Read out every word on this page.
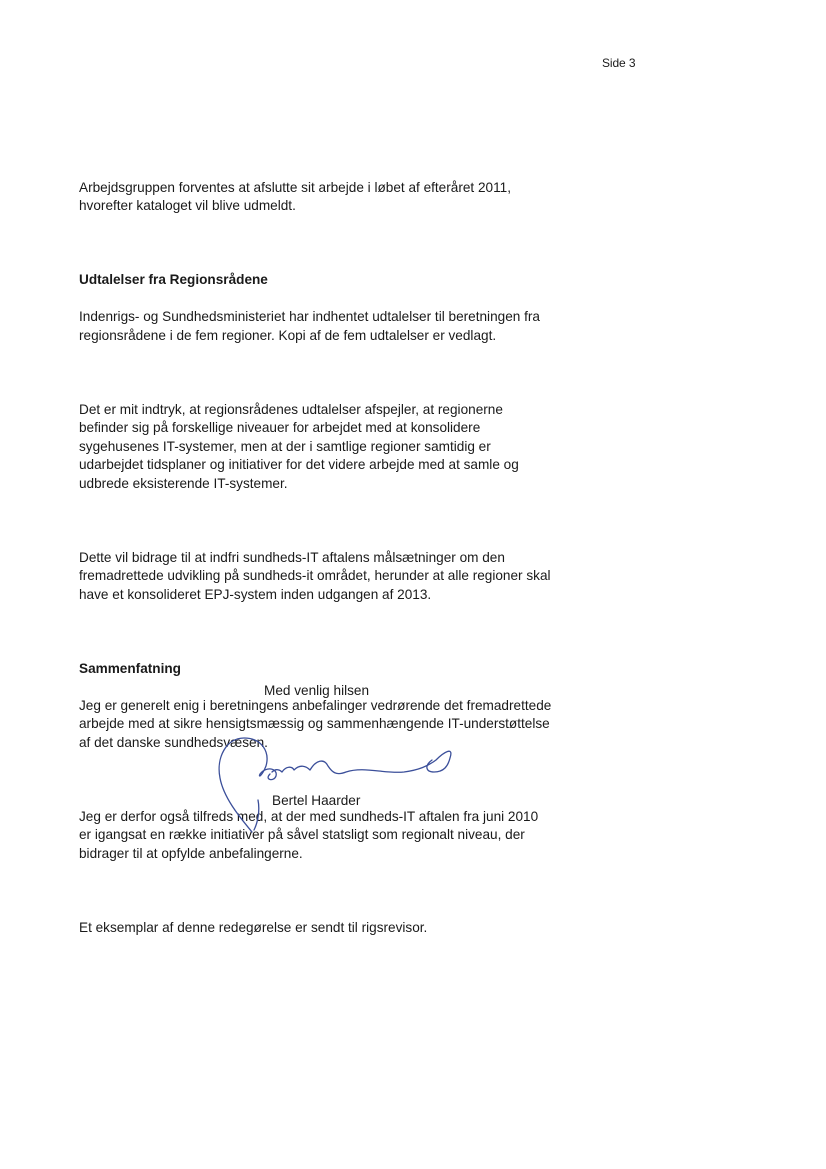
Side 3

Arbejdsgruppen forventes at afslutte sit arbejde i løbet af efteråret 2011,
hvorefter kataloget vil blive udmeldt.

Udtalelser fra Regionsrådene

Indenrigs- og Sundhedsministeriet har indhentet udtalelser til beretningen fra
regionsrådene i de fem regioner. Kopi af de fem udtalelser er vedlagt.

Det er mit indtryk, at regionsrådenes udtalelser afspejler, at regionerne
befinder sig på forskellige niveauer for arbejdet med at konsolidere
sygehusenes IT-systemer, men at der i samtlige regioner samtidig er
udarbejdet tidsplaner og initiativer for det videre arbejde med at samle og
udbrede eksisterende IT-systemer.

Dette vil bidrage til at indfri sundheds-IT aftalens målsætninger om den
fremadrettede udvikling på sundheds-it området, herunder at alle regioner skal
have et konsolideret EPJ-system inden udgangen af 2013.

Sammenfatning

Jeg er generelt enig i beretningens anbefalinger vedrørende det fremadrettede
arbejde med at sikre hensigtsmæssig og sammenhængende IT-understøttelse
af det danske sundhedsvæsen.

Jeg er derfor også tilfreds med, at der med sundheds-IT aftalen fra juni 2010
er igangsat en række initiativer på såvel statsligt som regionalt niveau, der
bidrager til at opfylde anbefalingerne.

Et eksemplar af denne redegørelse er sendt til rigsrevisor.

Med venlig hilsen
Bertel Haarder
